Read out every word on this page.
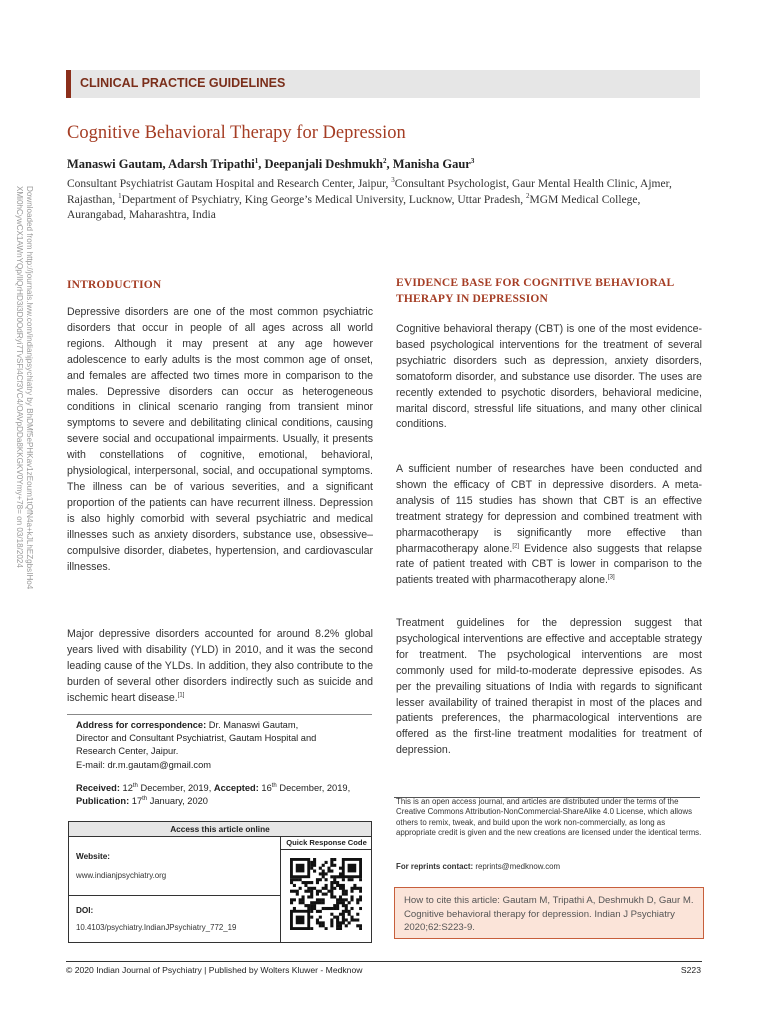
CLINICAL PRACTICE GUIDELINES
Cognitive Behavioral Therapy for Depression

Manaswi Gautam, Adarsh Tripathi$^1$, Deepanjali Deshmukh$^2$, Manisha Gaur$^3$

Consultant Psychiatrist Gautam Hospital and Research Center, Jaipur, $^3$Consultant Psychologist, Gaur Mental Health Clinic, Ajmer, Rajasthan, $^1$Department of Psychiatry, King George’s Medical University, Lucknow, Uttar Pradesh, $^2$MGM Medical College, Aurangabad, Maharashtra, India

Downloaded from http://journals.lww.com/indianjpsychiatry by BhDMf5ePHKav1zEoum1tQfN4a+kJLhEZgbsIHo4
XMi0hCywCX1AWnYQp/IlQrHD3i3D0OdRyi7TvSFl4Cf3VC4/OAVpDDa8KKGKV0Ymy+78= on 03/18/2024	INTRODUCTION

Depressive disorders are one of the most common psychiatric disorders that occur in people of all ages across all world regions. Although it may present at any age however adolescence to early adults is the most common age of onset, and females are affected two times more in comparison to the males. Depressive disorders can occur as heterogeneous conditions in clinical scenario ranging from transient minor symptoms to severe and debilitating clinical conditions, causing severe social and occupational impairments. Usually, it presents with constellations of cognitive, emotional, behavioral, physiological, interpersonal, social, and occupational symptoms. The illness can be of various severities, and a significant proportion of the patients can have recurrent illness. Depression is also highly comorbid with several psychiatric and medical illnesses such as anxiety disorders, substance use, obsessive–compulsive disorder, diabetes, hypertension, and cardiovascular illnesses.

Major depressive disorders accounted for around 8.2% global years lived with disability (YLD) in 2010, and it was the second leading cause of the YLDs. In addition, they also contribute to the burden of several other disorders indirectly such as suicide and ischemic heart disease.[1]

EVIDENCE BASE FOR COGNITIVE BEHAVIORAL THERAPY IN DEPRESSION

Cognitive behavioral therapy (CBT) is one of the most evidence-based psychological interventions for the treatment of several psychiatric disorders such as depression, anxiety disorders, somatoform disorder, and substance use disorder. The uses are recently extended to psychotic disorders, behavioral medicine, marital discord, stressful life situations, and many other clinical conditions.

A sufficient number of researches have been conducted and shown the efficacy of CBT in depressive disorders. A meta-analysis of 115 studies has shown that CBT is an effective treatment strategy for depression and combined treatment with pharmacotherapy is significantly more effective than pharmacotherapy alone.[2] Evidence also suggests that relapse rate of patient treated with CBT is lower in comparison to the patients treated with pharmacotherapy alone.[3]

Treatment guidelines for the depression suggest that psychological interventions are effective and acceptable strategy for treatment. The psychological interventions are most commonly used for mild-to-moderate depressive episodes. As per the prevailing situations of India with regards to significant lesser availability of trained therapist in most of the places and patients preferences, the pharmacological interventions are offered as the first-line treatment modalities for treatment of depression.

Address for correspondence: Dr. Manaswi Gautam,
Director and Consultant Psychiatrist, Gautam Hospital and
Research Center, Jaipur.
E-mail: dr.m.gautam@gmail.com

Received: 12th December, 2019, Accepted: 16th December, 2019,
Publication: 17th January, 2020

Access this article online
Website:
www.indianjpsychiatry.org
DOI:
10.4103/psychiatry.IndianJPsychiatry_772_19
Quick Response Code

This is an open access journal, and articles are distributed under the terms of the Creative Commons Attribution-NonCommercial-ShareAlike 4.0 License, which allows others to remix, tweak, and build upon the work non-commercially, as long as appropriate credit is given and the new creations are licensed under the identical terms.

For reprints contact: reprints@medknow.com

How to cite this article: Gautam M, Tripathi A, Deshmukh D, Gaur M. Cognitive behavioral therapy for depression. Indian J Psychiatry 2020;62:S223-9.

© 2020 Indian Journal of Psychiatry | Published by Wolters Kluwer - Medknow	S223
